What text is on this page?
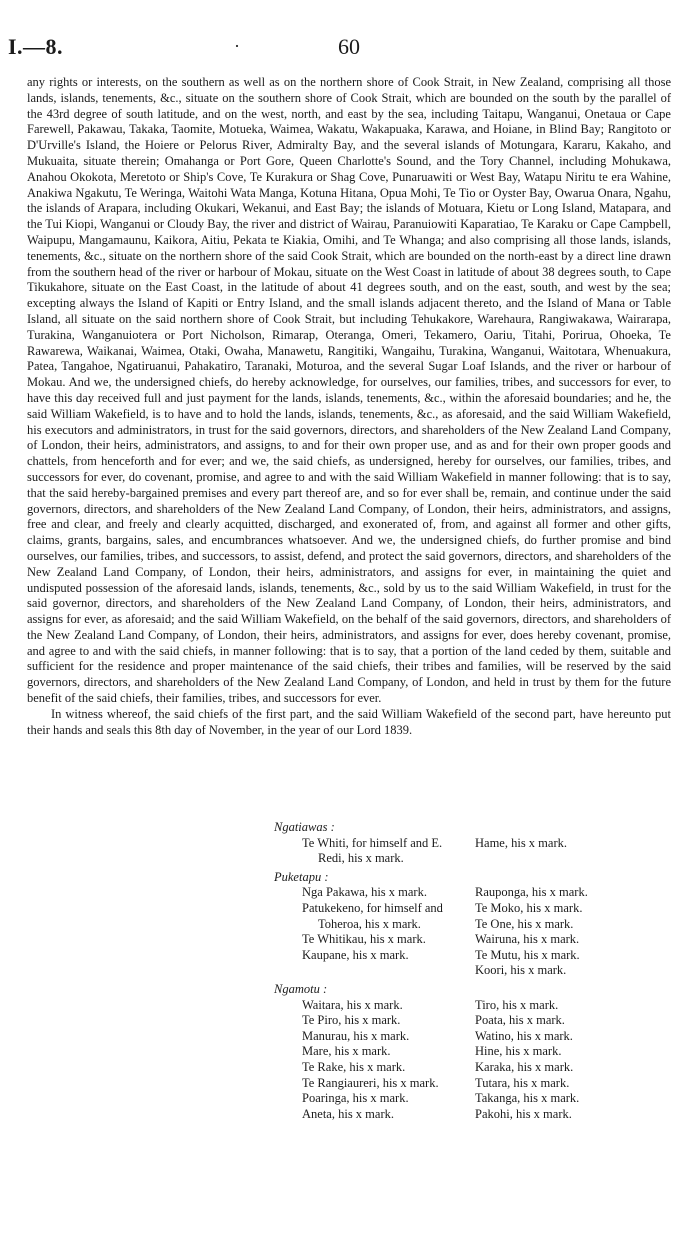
I.—8.	·	60

any rights or interests, on the southern as well as on the northern shore of Cook Strait, in New Zealand, comprising all those lands, islands, tenements, &c., situate on the southern shore of Cook Strait, which are bounded on the south by the parallel of the 43rd degree of south latitude, and on the west, north, and east by the sea, including Taitapu, Wanganui, Onetaua or Cape Farewell, Pakawau, Takaka, Taomite, Motueka, Waimea, Wakatu, Wakapuaka, Karawa, and Hoiane, in Blind Bay; Rangitoto or D'Urville's Island, the Hoiere or Pelorus River, Admiralty Bay, and the several islands of Motungara, Kararu, Kakaho, and Mukuaita, situate therein; Omahanga or Port Gore, Queen Charlotte's Sound, and the Tory Channel, including Mohukawa, Anahou Okokota, Meretoto or Ship's Cove, Te Kurakura or Shag Cove, Punaruawiti or West Bay, Watapu Niritu te era Wahine, Anakiwa Ngakutu, Te Weringa, Waitohi Wata Manga, Kotuna Hitana, Opua Mohi, Te Tio or Oyster Bay, Owarua Onara, Ngahu, the islands of Arapara, including Okukari, Wekanui, and East Bay; the islands of Motuara, Kietu or Long Island, Matapara, and the Tui Kiopi, Wanganui or Cloudy Bay, the river and district of Wairau, Paranuiowiti Kaparatiao, Te Karaku or Cape Campbell, Waipupu, Mangamaunu, Kaikora, Aitiu, Pekata te Kiakia, Omihi, and Te Whanga; and also comprising all those lands, islands, tenements, &c., situate on the northern shore of the said Cook Strait, which are bounded on the north-east by a direct line drawn from the southern head of the river or harbour of Mokau, situate on the West Coast in latitude of about 38 degrees south, to Cape Tikukahore, situate on the East Coast, in the latitude of about 41 degrees south, and on the east, south, and west by the sea; excepting always the Island of Kapiti or Entry Island, and the small islands adjacent thereto, and the Island of Mana or Table Island, all situate on the said northern shore of Cook Strait, but including Tehukakore, Warehaura, Rangiwakawa, Wairarapa, Turakina, Wanganuiotera or Port Nicholson, Rimarap, Oteranga, Omeri, Tekamero, Oariu, Titahi, Porirua, Ohoeka, Te Rawarewa, Waikanai, Waimea, Otaki, Owaha, Manawetu, Rangitiki, Wangaihu, Turakina, Wanganui, Waitotara, Whenuakura, Patea, Tangahoe, Ngatiruanui, Pahakatiro, Taranaki, Moturoa, and the several Sugar Loaf Islands, and the river or harbour of Mokau. And we, the undersigned chiefs, do hereby acknowledge, for ourselves, our families, tribes, and successors for ever, to have this day received full and just payment for the lands, islands, tenements, &c., within the aforesaid boundaries; and he, the said William Wakefield, is to have and to hold the lands, islands, tenements, &c., as aforesaid, and the said William Wakefield, his executors and administrators, in trust for the said governors, directors, and shareholders of the New Zealand Land Company, of London, their heirs, administrators, and assigns, to and for their own proper use, and as and for their own proper goods and chattels, from henceforth and for ever; and we, the said chiefs, as undersigned, hereby for ourselves, our families, tribes, and successors for ever, do covenant, promise, and agree to and with the said William Wakefield in manner following: that is to say, that the said hereby-bargained premises and every part thereof are, and so for ever shall be, remain, and continue under the said governors, directors, and shareholders of the New Zealand Land Company, of London, their heirs, administrators, and assigns, free and clear, and freely and clearly acquitted, discharged, and exonerated of, from, and against all former and other gifts, claims, grants, bargains, sales, and encumbrances whatsoever. And we, the undersigned chiefs, do further promise and bind ourselves, our families, tribes, and successors, to assist, defend, and protect the said governors, directors, and shareholders of the New Zealand Land Company, of London, their heirs, administrators, and assigns for ever, in maintaining the quiet and undisputed possession of the aforesaid lands, islands, tenements, &c., sold by us to the said William Wakefield, in trust for the said governor, directors, and shareholders of the New Zealand Land Company, of London, their heirs, administrators, and assigns for ever, as aforesaid; and the said William Wakefield, on the behalf of the said governors, directors, and shareholders of the New Zealand Land Company, of London, their heirs, administrators, and assigns for ever, does hereby covenant, promise, and agree to and with the said chiefs, in manner following: that is to say, that a portion of the land ceded by them, suitable and sufficient for the residence and proper maintenance of the said chiefs, their tribes and families, will be reserved by the said governors, directors, and shareholders of the New Zealand Land Company, of London, and held in trust by them for the future benefit of the said chiefs, their families, tribes, and successors for ever.

In witness whereof, the said chiefs of the first part, and the said William Wakefield of the second part, have hereunto put their hands and seals this 8th day of November, in the year of our Lord 1839.

Ngatiawas :

Te Whiti, for himself and E. Redi, his x mark.

Hame, his x mark.

Puketapu :

Nga Pakawa, his x mark.

Patukekeno, for himself and Toheroa, his x mark.

Te Whitikau, his x mark.

Kaupane, his x mark.

Rauponga, his x mark.

Te Moko, his x mark.

Te One, his x mark.

Wairuna, his x mark.

Te Mutu, his x mark.

Koori, his x mark.

Ngamotu :

Waitara, his x mark.

Te Piro, his x mark.

Manurau, his x mark.

Mare, his x mark.

Te Rake, his x mark.

Te Rangiaureri, his x mark.

Poaringa, his x mark.

Aneta, his x mark.

Tiro, his x mark.

Poata, his x mark.

Watino, his x mark.

Hine, his x mark.

Karaka, his x mark.

Tutara, his x mark.

Takanga, his x mark.

Pakohi, his x mark.
